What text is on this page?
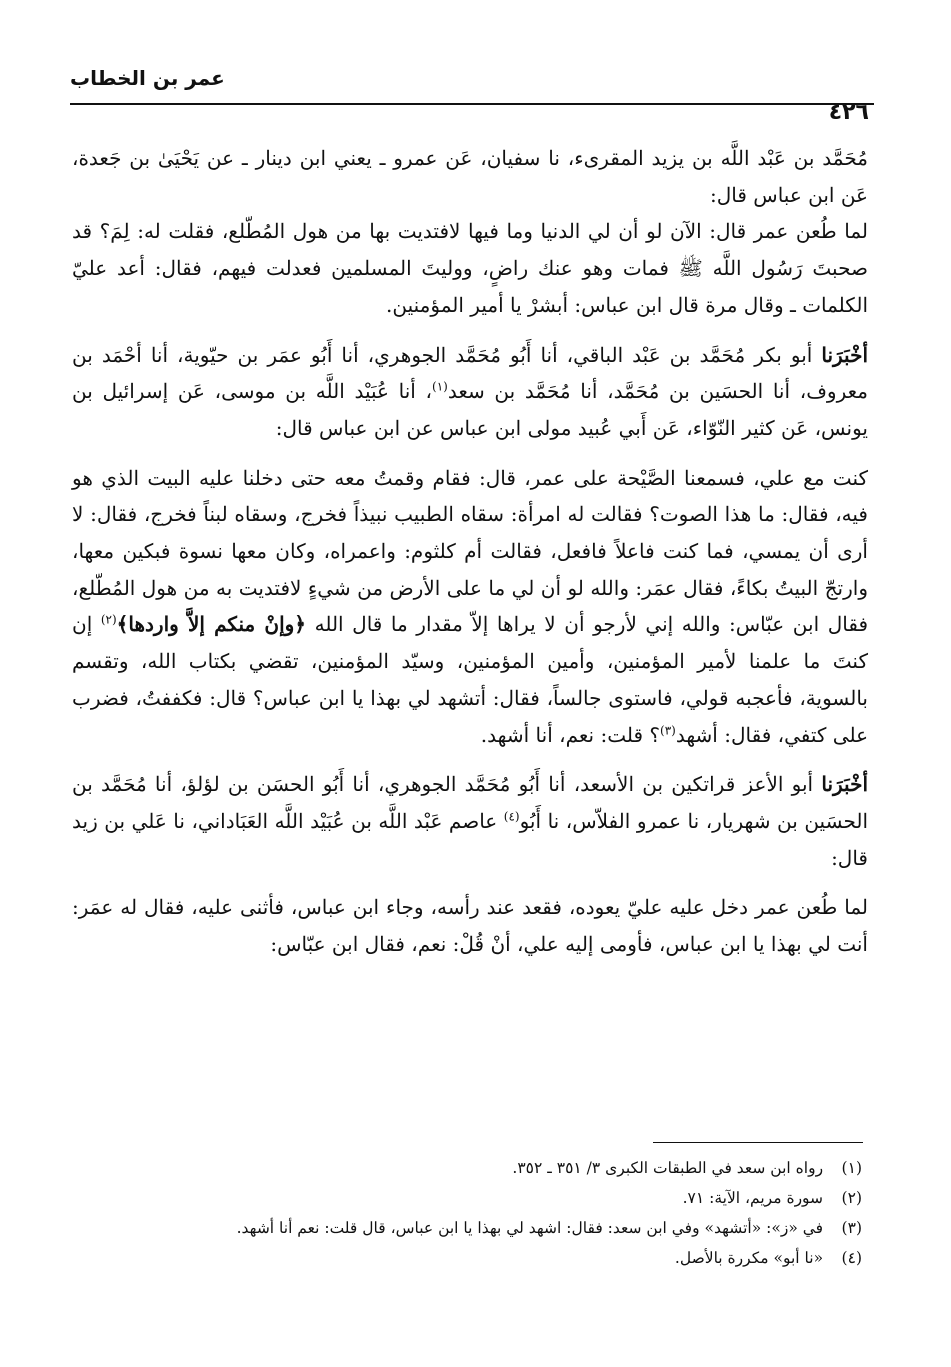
عمر بن الخطاب
٤٢٦

مُحَمَّد بن عَبْد اللَّه بن يزيد المقرىء، نا سفيان، عَن عمرو ـ يعني ابن دينار ـ عن يَحْيَىٰ بن جَعدة، عَن ابن عباس قال:

لما طُعن عمر قال: الآن لو أن لي الدنيا وما فيها لافتديت بها من هول المُطّلع، فقلت له: لِمَ؟ قد صحبتَ رَسُول اللَّه ﷺ فمات وهو عنك راضٍ، ووليتَ المسلمين فعدلت فيهم، فقال: أعد عليّ الكلمات ـ وقال مرة قال ابن عباس: أبشرْ يا أمير المؤمنين.

أخْبَرَنا أبو بكر مُحَمَّد بن عَبْد الباقي، أنا أَبُو مُحَمَّد الجوهري، أنا أَبُو عمَر بن حيّوية، أنا أحْمَد بن معروف، أنا الحسَين بن مُحَمَّد، أنا مُحَمَّد بن سعد$^{(١)}$، أنا عُبَيْد اللَّه بن موسى، عَن إسرائيل بن يونس، عَن كثير النّوّاء، عَن أَبي عُبيد مولى ابن عباس عن ابن عباس قال:

كنت مع علي، فسمعنا الصَّيْحة على عمر، قال: فقام وقمتُ معه حتى دخلنا عليه البيت الذي هو فيه، فقال: ما هذا الصوت؟ فقالت له امرأة: سقاه الطبيب نبيذاً فخرج، وسقاه لبناً فخرج، فقال: لا أرى أن يمسي، فما كنت فاعلاً فافعل، فقالت أم كلثوم: واعمراه، وكان معها نسوة فبكين معها، وارتجّ البيتُ بكاءً، فقال عمَر: والله لو أن لي ما على الأرض من شيءٍ لافتديت به من هول المُطّلع، فقال ابن عبّاس: والله إني لأرجو أن لا يراها إلاّ مقدار ما قال الله ﴿وإنْ منكم إلاَّ واردها﴾$^{(٢)}$ إن كنتَ ما علمنا لأمير المؤمنين، وأمين المؤمنين، وسيّد المؤمنين، تقضي بكتاب الله، وتقسم بالسوية، فأعجبه قولي، فاستوى جالساً، فقال: أتشهد لي بهذا يا ابن عباس؟ قال: فكففتُ، فضرب على كتفي، فقال: أشهد$^{(٣)}$؟ قلت: نعم، أنا أشهد.

أخْبَرَنا أبو الأعز قراتكين بن الأسعد، أنا أَبُو مُحَمَّد الجوهري، أنا أَبُو الحسَن بن لؤلؤ، أنا مُحَمَّد بن الحسَين بن شهريار، نا عمرو الفلاّس، نا أَبُو$^{(٤)}$ عاصم عَبْد اللَّه بن عُبَيْد اللَّه العَبَاداني، نا عَلي بن زيد قال:

لما طُعن عمر دخل عليه عليّ يعوده، فقعد عند رأسه، وجاء ابن عباس، فأثنى عليه، فقال له عمَر: أنت لي بهذا يا ابن عباس، فأومى إليه علي، أنْ قُلْ: نعم، فقال ابن عبّاس:

(١) رواه ابن سعد في الطبقات الكبرى ٣/ ٣٥١ ـ ٣٥٢.

(٢) سورة مريم، الآية: ٧١.

(٣) في «ز»: «أتشهد» وفي ابن سعد: فقال: اشهد لي بهذا يا ابن عباس، قال قلت: نعم أنا أشهد.

(٤) «نا أبو» مكررة بالأصل.
